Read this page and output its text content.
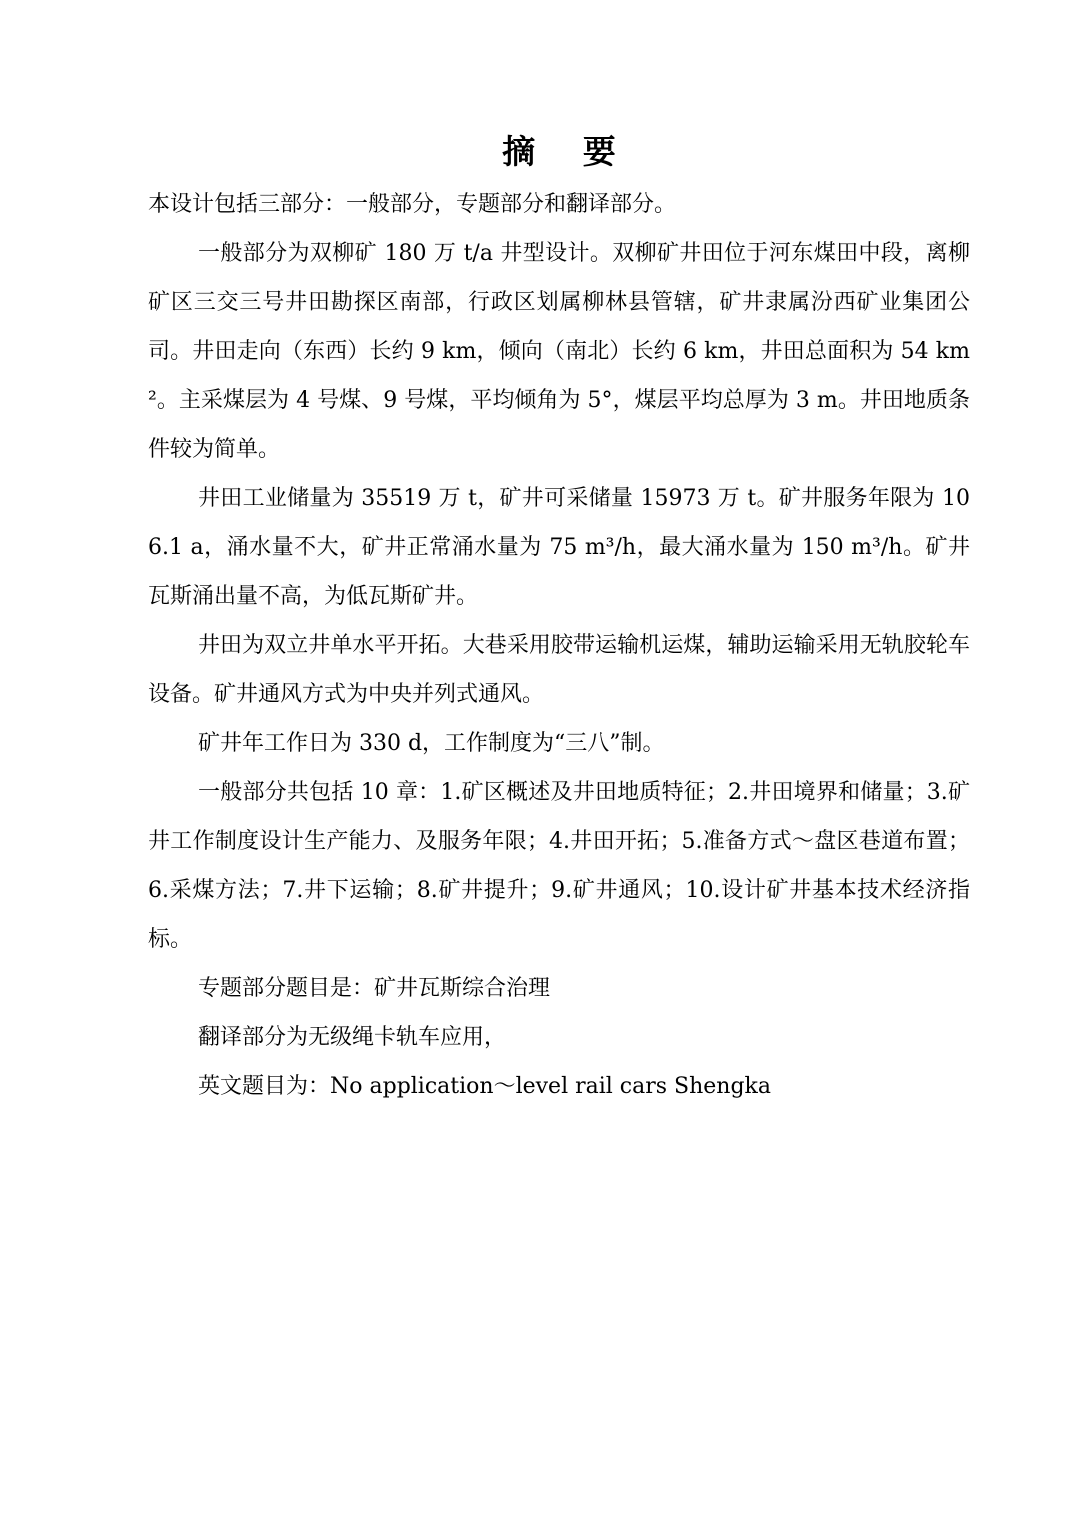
摘 要

本设计包括三部分：一般部分，专题部分和翻译部分。

一般部分为双柳矿 180 万 t/a 井型设计。双柳矿井田位于河东煤田中段，离柳矿区三交三号井田勘探区南部，行政区划属柳林县管辖，矿井隶属汾西矿业集团公司。井田走向（东西）长约 9 km，倾向（南北）长约 6 km，井田总面积为 54 km²。主采煤层为 4 号煤、9 号煤，平均倾角为 5°，煤层平均总厚为 3 m。井田地质条件较为简单。

井田工业储量为 35519 万 t，矿井可采储量 15973 万 t。矿井服务年限为 106.1 a，涌水量不大，矿井正常涌水量为 75 m³/h，最大涌水量为 150 m³/h。矿井瓦斯涌出量不高，为低瓦斯矿井。

井田为双立井单水平开拓。大巷采用胶带运输机运煤，辅助运输采用无轨胶轮车设备。矿井通风方式为中央并列式通风。

矿井年工作日为 330 d，工作制度为“三八”制。

一般部分共包括 10 章：1.矿区概述及井田地质特征；2.井田境界和储量；3.矿井工作制度设计生产能力、及服务年限；4.井田开拓；5.准备方式～盘区巷道布置；6.采煤方法；7.井下运输；8.矿井提升；9.矿井通风；10.设计矿井基本技术经济指标。

专题部分题目是：矿井瓦斯综合治理

翻译部分为无级绳卡轨车应用，

英文题目为：No application～level rail cars Shengka
